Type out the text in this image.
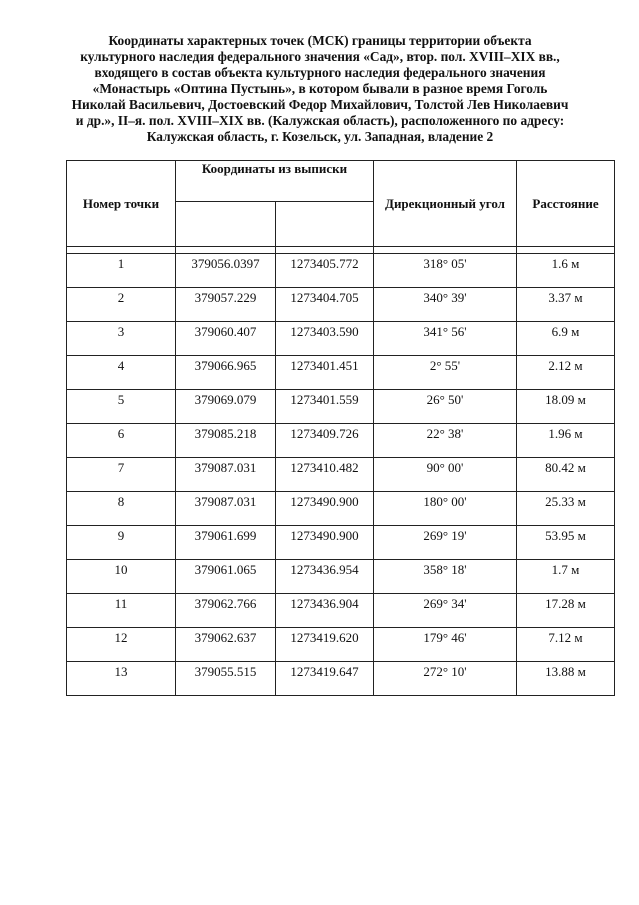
Координаты характерных точек (МСК) границы территории объекта
культурного наследия федерального значения «Сад», втор. пол. XVIII–XIX вв.,
входящего в состав объекта культурного наследия федерального значения
«Монастырь «Оптина Пустынь», в котором бывали в разное время Гоголь
Николай Васильевич, Достоевский Федор Михайлович, Толстой Лев Николаевич
и др.», II–я. пол. XVIII–XIX вв. (Калужская область), расположенного по адресу:
Калужская область, г. Козельск, ул. Западная, владение 2
Номер точки	Координаты из выписки		Дирекционный угол	Расстояние

1	379056.0397	1273405.772	318° 05'	1.6 м
2	379057.229	1273404.705	340° 39'	3.37 м
3	379060.407	1273403.590	341° 56'	6.9 м
4	379066.965	1273401.451	2° 55'	2.12 м
5	379069.079	1273401.559	26° 50'	18.09 м
6	379085.218	1273409.726	22° 38'	1.96 м
7	379087.031	1273410.482	90° 00'	80.42 м
8	379087.031	1273490.900	180° 00'	25.33 м
9	379061.699	1273490.900	269° 19'	53.95 м
10	379061.065	1273436.954	358° 18'	1.7 м
11	379062.766	1273436.904	269° 34'	17.28 м
12	379062.637	1273419.620	179° 46'	7.12 м
13	379055.515	1273419.647	272° 10'	13.88 м
